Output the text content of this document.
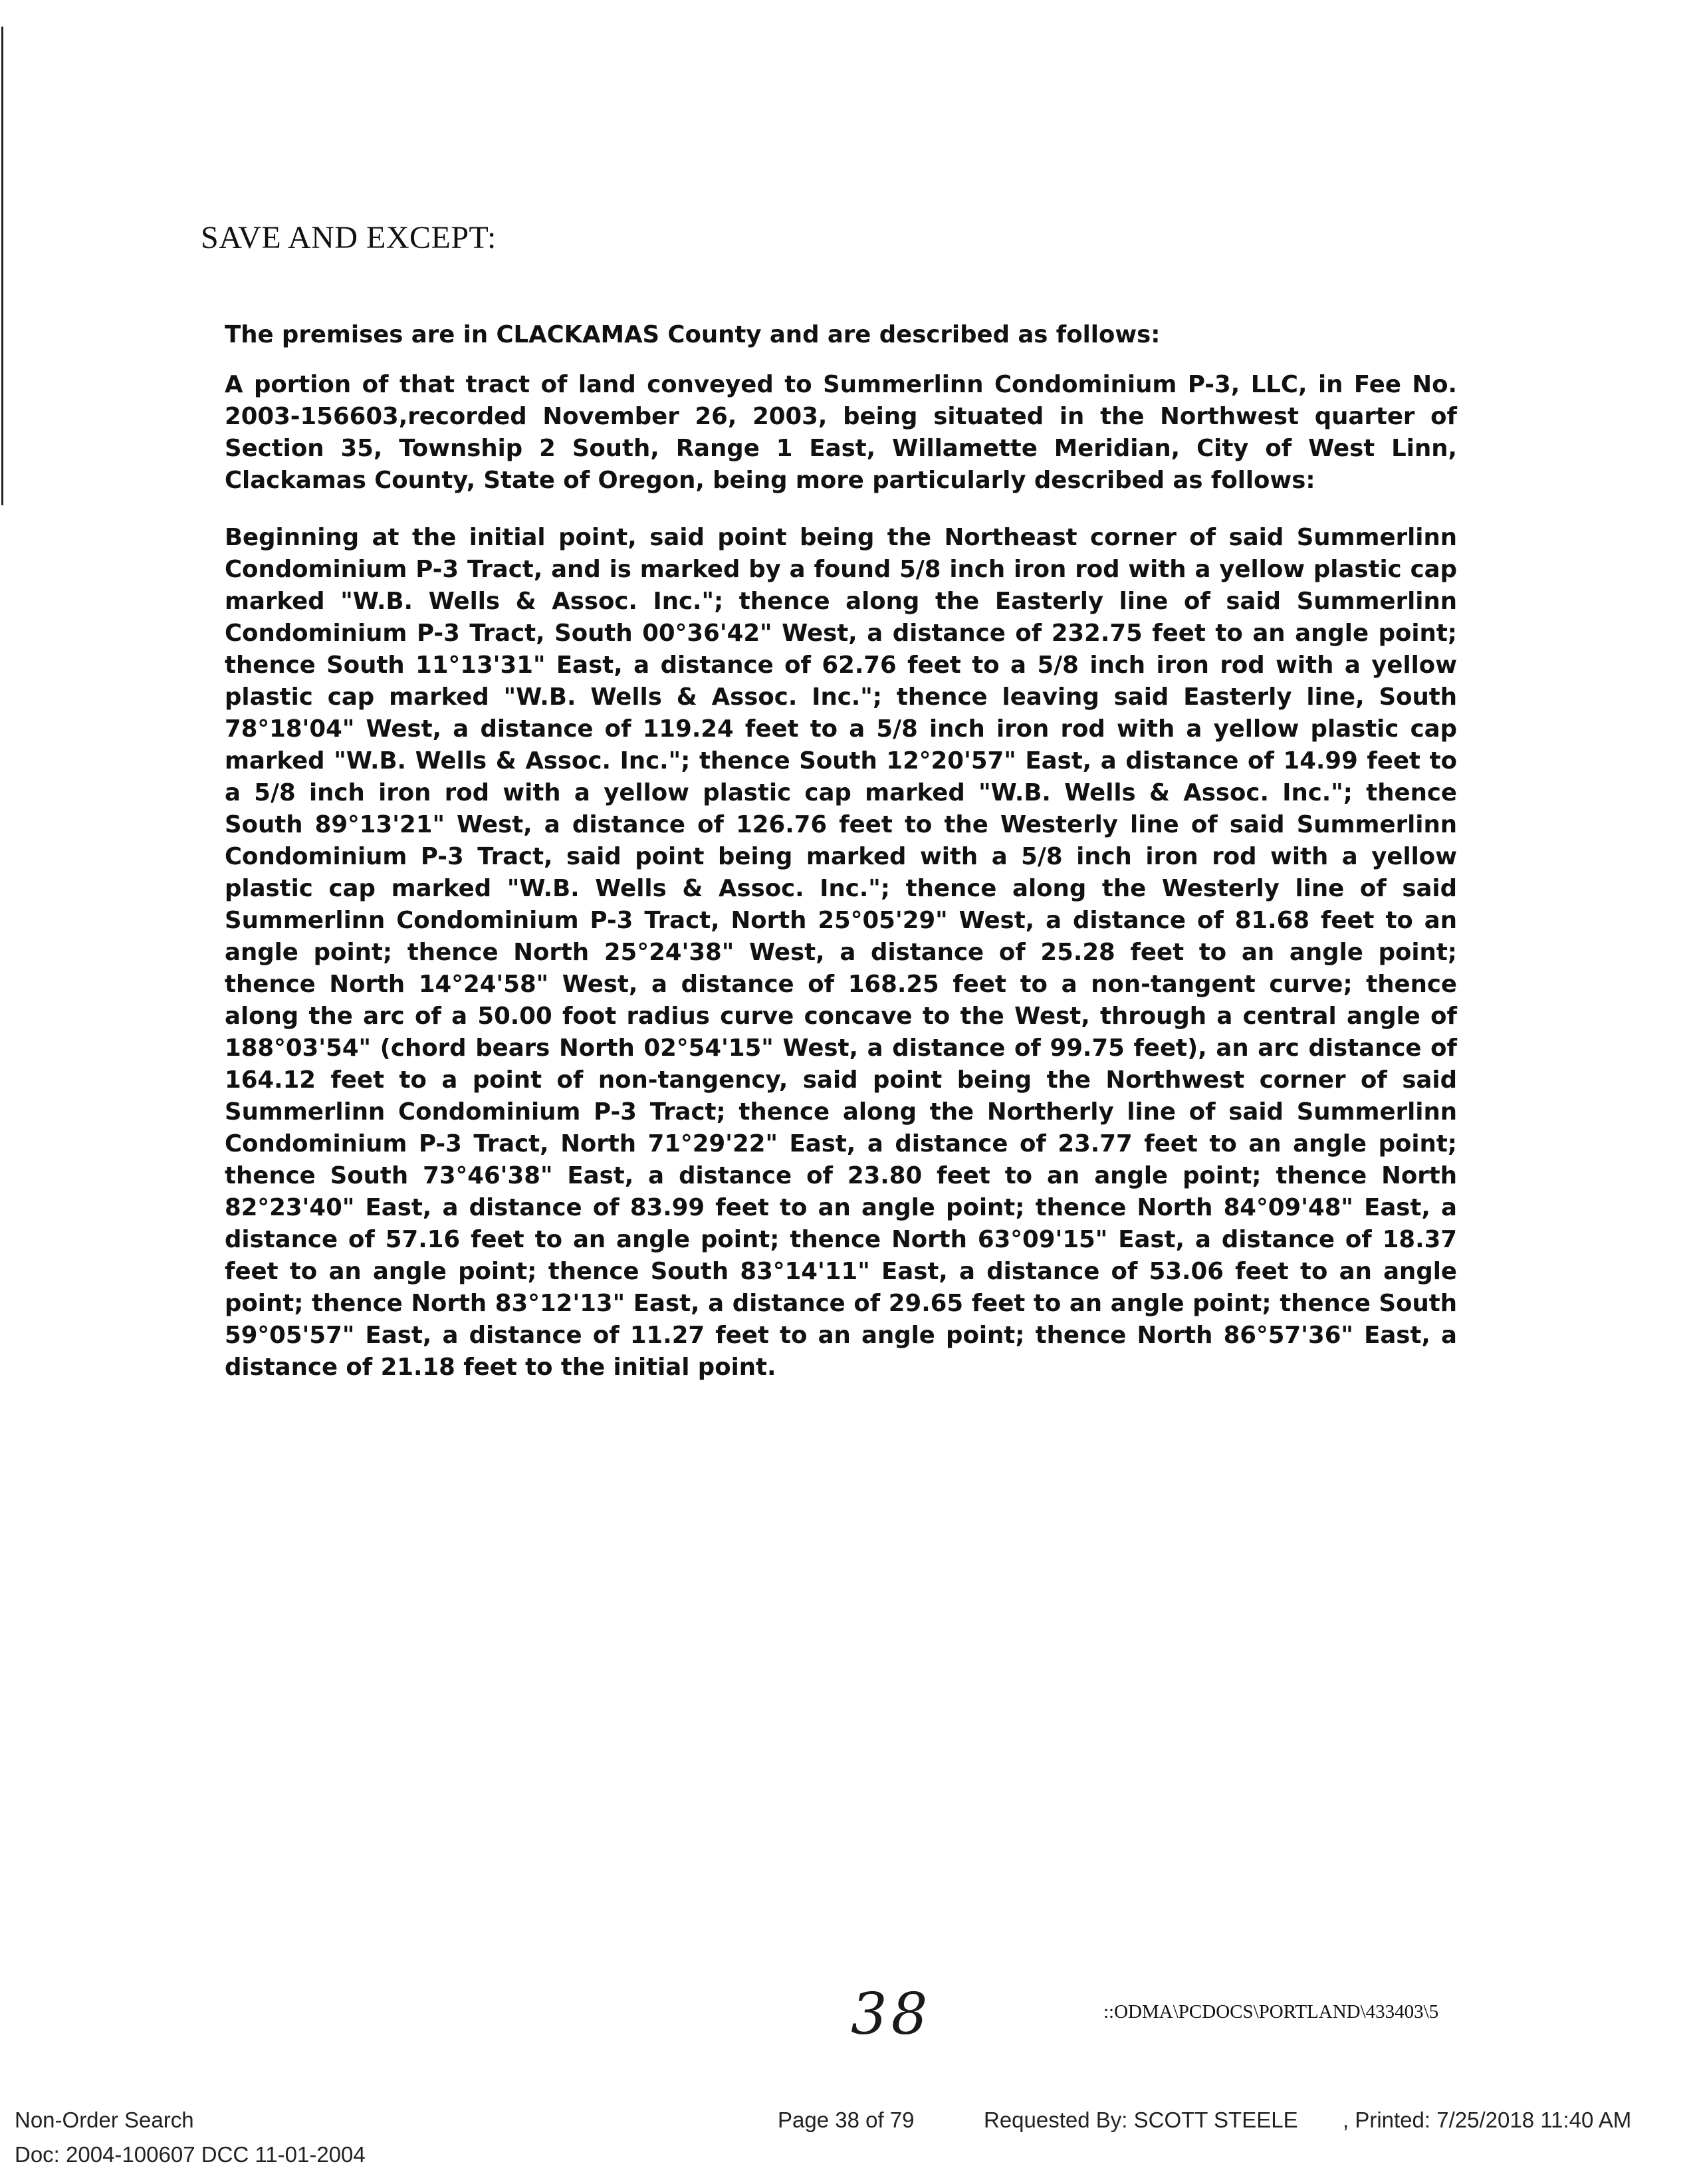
SAVE AND EXCEPT:

The premises are in CLACKAMAS County and are described as follows:

A portion of that tract of land conveyed to Summerlinn Condominium P-3, LLC, in Fee No. 2003-156603,recorded November 26, 2003, being situated in the Northwest quarter of Section 35, Township 2 South, Range 1 East, Willamette Meridian, City of West Linn, Clackamas County, State of Oregon, being more particularly described as follows:

Beginning at the initial point, said point being the Northeast corner of said Summerlinn Condominium P-3 Tract, and is marked by a found 5/8 inch iron rod with a yellow plastic cap marked "W.B. Wells & Assoc. Inc."; thence along the Easterly line of said Summerlinn Condominium P-3 Tract, South 00°36'42" West, a distance of 232.75 feet to an angle point; thence South 11°13'31" East, a distance of 62.76 feet to a 5/8 inch iron rod with a yellow plastic cap marked "W.B. Wells & Assoc. Inc."; thence leaving said Easterly line, South 78°18'04" West, a distance of 119.24 feet to a 5/8 inch iron rod with a yellow plastic cap marked "W.B. Wells & Assoc. Inc."; thence South 12°20'57" East, a distance of 14.99 feet to a 5/8 inch iron rod with a yellow plastic cap marked "W.B. Wells & Assoc. Inc."; thence South 89°13'21" West, a distance of 126.76 feet to the Westerly line of said Summerlinn Condominium P-3 Tract, said point being marked with a 5/8 inch iron rod with a yellow plastic cap marked "W.B. Wells & Assoc. Inc."; thence along the Westerly line of said Summerlinn Condominium P-3 Tract, North 25°05'29" West, a distance of 81.68 feet to an angle point; thence North 25°24'38" West, a distance of 25.28 feet to an angle point; thence North 14°24'58" West, a distance of 168.25 feet to a non-tangent curve; thence along the arc of a 50.00 foot radius curve concave to the West, through a central angle of 188°03'54" (chord bears North 02°54'15" West, a distance of 99.75 feet), an arc distance of 164.12 feet to a point of non-tangency, said point being the Northwest corner of said Summerlinn Condominium P-3 Tract; thence along the Northerly line of said Summerlinn Condominium P-3 Tract, North 71°29'22" East, a distance of 23.77 feet to an angle point; thence South 73°46'38" East, a distance of 23.80 feet to an angle point; thence North 82°23'40" East, a distance of 83.99 feet to an angle point; thence North 84°09'48" East, a distance of 57.16 feet to an angle point; thence North 63°09'15" East, a distance of 18.37 feet to an angle point; thence South 83°14'11" East, a distance of 53.06 feet to an angle point; thence North 83°12'13" East, a distance of 29.65 feet to an angle point; thence South 59°05'57" East, a distance of 11.27 feet to an angle point; thence North 86°57'36" East, a distance of 21.18 feet to the initial point.

38	::ODMA\PCDOCS\PORTLAND\433403\5
Non-Order Search
Doc: 2004-100607 DCC 11-01-2004
Page 38 of 79	Requested By: SCOTT STEELE , Printed: 7/25/2018 11:40 AM
